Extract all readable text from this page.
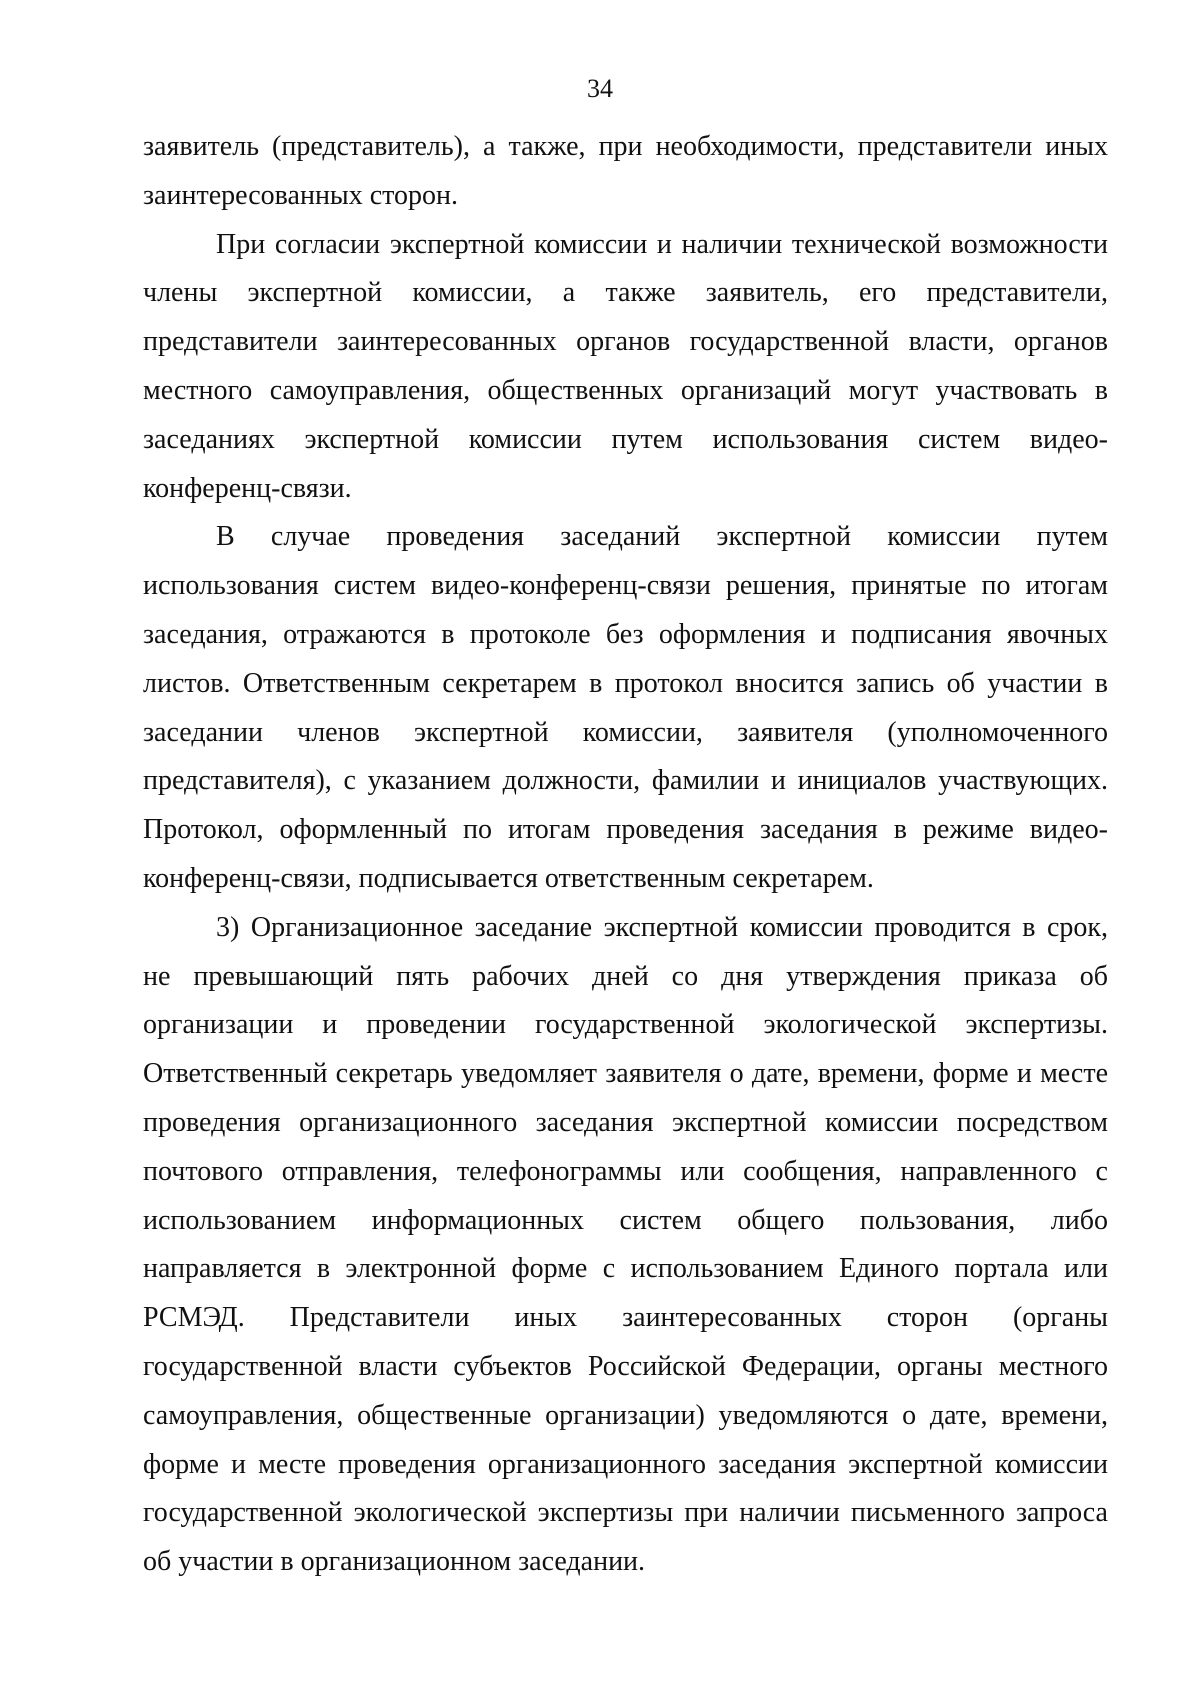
34

заявитель (представитель), а также, при необходимости, представители иных заинтересованных сторон.

При согласии экспертной комиссии и наличии технической возможности члены экспертной комиссии, а также заявитель, его представители, представители заинтересованных органов государственной власти, органов местного самоуправления, общественных организаций могут участвовать в заседаниях экспертной комиссии путем использования систем видео-конференц-связи.

В случае проведения заседаний экспертной комиссии путем использования систем видео-конференц-связи решения, принятые по итогам заседания, отражаются в протоколе без оформления и подписания явочных листов. Ответственным секретарем в протокол вносится запись об участии в заседании членов экспертной комиссии, заявителя (уполномоченного представителя), с указанием должности, фамилии и инициалов участвующих. Протокол, оформленный по итогам проведения заседания в режиме видео-конференц-связи, подписывается ответственным секретарем.

3) Организационное заседание экспертной комиссии проводится в срок, не превышающий пять рабочих дней со дня утверждения приказа об организации и проведении государственной экологической экспертизы. Ответственный секретарь уведомляет заявителя о дате, времени, форме и месте проведения организационного заседания экспертной комиссии посредством почтового отправления, телефонограммы или сообщения, направленного с использованием информационных систем общего пользования, либо направляется в электронной форме с использованием Единого портала или РСМЭД. Представители иных заинтересованных сторон (органы государственной власти субъектов Российской Федерации, органы местного самоуправления, общественные организации) уведомляются о дате, времени, форме и месте проведения организационного заседания экспертной комиссии государственной экологической экспертизы при наличии письменного запроса об участии в организационном заседании.
